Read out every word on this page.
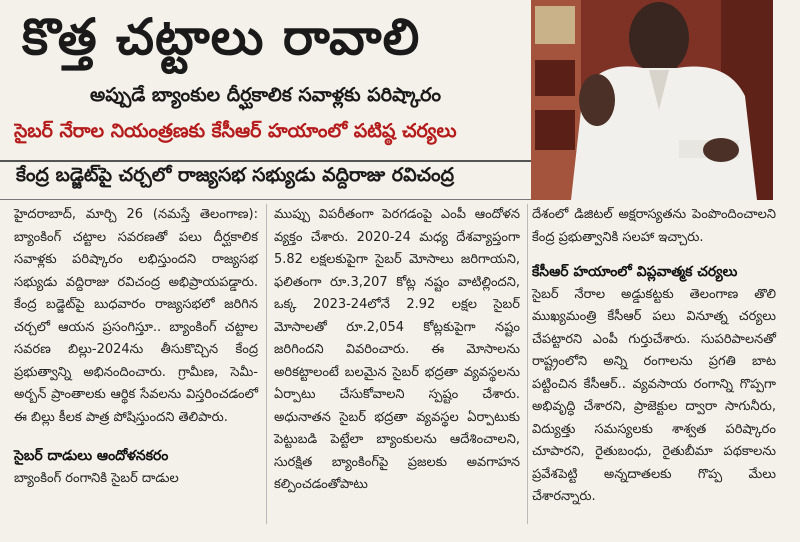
కొత్త చట్టాలు రావాలి
అప్పుడే బ్యాంకుల దీర్ఘకాలిక సవాళ్లకు పరిష్కారం
సైబర్ నేరాల నియంత్రణకు కేసీఆర్ హయాంలో పటిష్ఠ చర్యలు
కేంద్ర బడ్జెట్‌పై చర్చలో రాజ్యసభ సభ్యుడు వద్దిరాజు రవిచంద్ర

హైదరాబాద్, మార్చి 26 (నమస్తే తెలంగాణ): బ్యాంకింగ్ చట్టాల సవరణతో పలు దీర్ఘకాలిక సవాళ్లకు పరిష్కారం లభిస్తుందని రాజ్యసభ సభ్యుడు వద్దిరాజు రవిచంద్ర అభిప్రాయపడ్డారు. కేంద్ర బడ్జెట్‌పై బుధవారం రాజ్యసభలో జరిగిన చర్చలో ఆయన ప్రసంగిస్తూ.. బ్యాంకింగ్ చట్టాల సవరణ బిల్లు-2024ను తీసుకొచ్చిన కేంద్ర ప్రభుత్వాన్ని అభినందించారు. గ్రామీణ, సెమీ-అర్బన్ ప్రాంతాలకు ఆర్థిక సేవలను విస్తరించడంలో ఈ బిల్లు కీలక పాత్ర పోషిస్తుందని తెలిపారు.

సైబర్ దాడులు ఆందోళనకరం

బ్యాంకింగ్ రంగానికి సైబర్ దాడుల

ముప్పు విపరీతంగా పెరగడంపై ఎంపీ ఆందోళన వ్యక్తం చేశారు. 2020-24 మధ్య దేశవ్యాప్తంగా 5.82 లక్షలకుపైగా సైబర్ మోసాలు జరిగాయని, ఫలితంగా రూ.3,207 కోట్ల నష్టం వాటిల్లిందని, ఒక్క 2023-24లోనే 2.92 లక్షల సైబర్ మోసాలతో రూ.2,054 కోట్లకుపైగా నష్టం జరిగిందని వివరించారు. ఈ మోసాలను అరికట్టాలంటే బలమైన సైబర్ భద్రతా వ్యవస్థలను ఏర్పాటు చేసుకోవాలని స్పష్టం చేశారు. అధునాతన సైబర్ భద్రతా వ్యవస్థల ఏర్పాటుకు పెట్టుబడి పెట్టేలా బ్యాంకులను ఆదేశించాలని, సురక్షిత బ్యాంకింగ్‌పై ప్రజలకు అవగాహన కల్పించడంతోపాటు

దేశంలో డిజిటల్ అక్షరాస్యతను పెంపొందించాలని కేంద్ర ప్రభుత్వానికి సలహా ఇచ్చారు.

కేసీఆర్ హయాంలో విప్లవాత్మక చర్యలు

సైబర్ నేరాల అడ్డుకట్టకు తెలంగాణ తొలి ముఖ్యమంత్రి కేసీఆర్ పలు వినూత్న చర్యలు చేపట్టారని ఎంపీ గుర్తుచేశారు. సుపరిపాలనతో రాష్ట్రంలోని అన్ని రంగాలను ప్రగతి బాట పట్టించిన కేసీఆర్.. వ్యవసాయ రంగాన్ని గొప్పగా అభివృద్ధి చేశారని, ప్రాజెక్టుల ద్వారా సాగునీరు, విద్యుత్తు సమస్యలకు శాశ్వత పరిష్కారం చూపారని, రైతుబంధు, రైతుబీమా పథకాలను ప్రవేశపెట్టి అన్నదాతలకు గొప్ప మేలు చేశారన్నారు.
